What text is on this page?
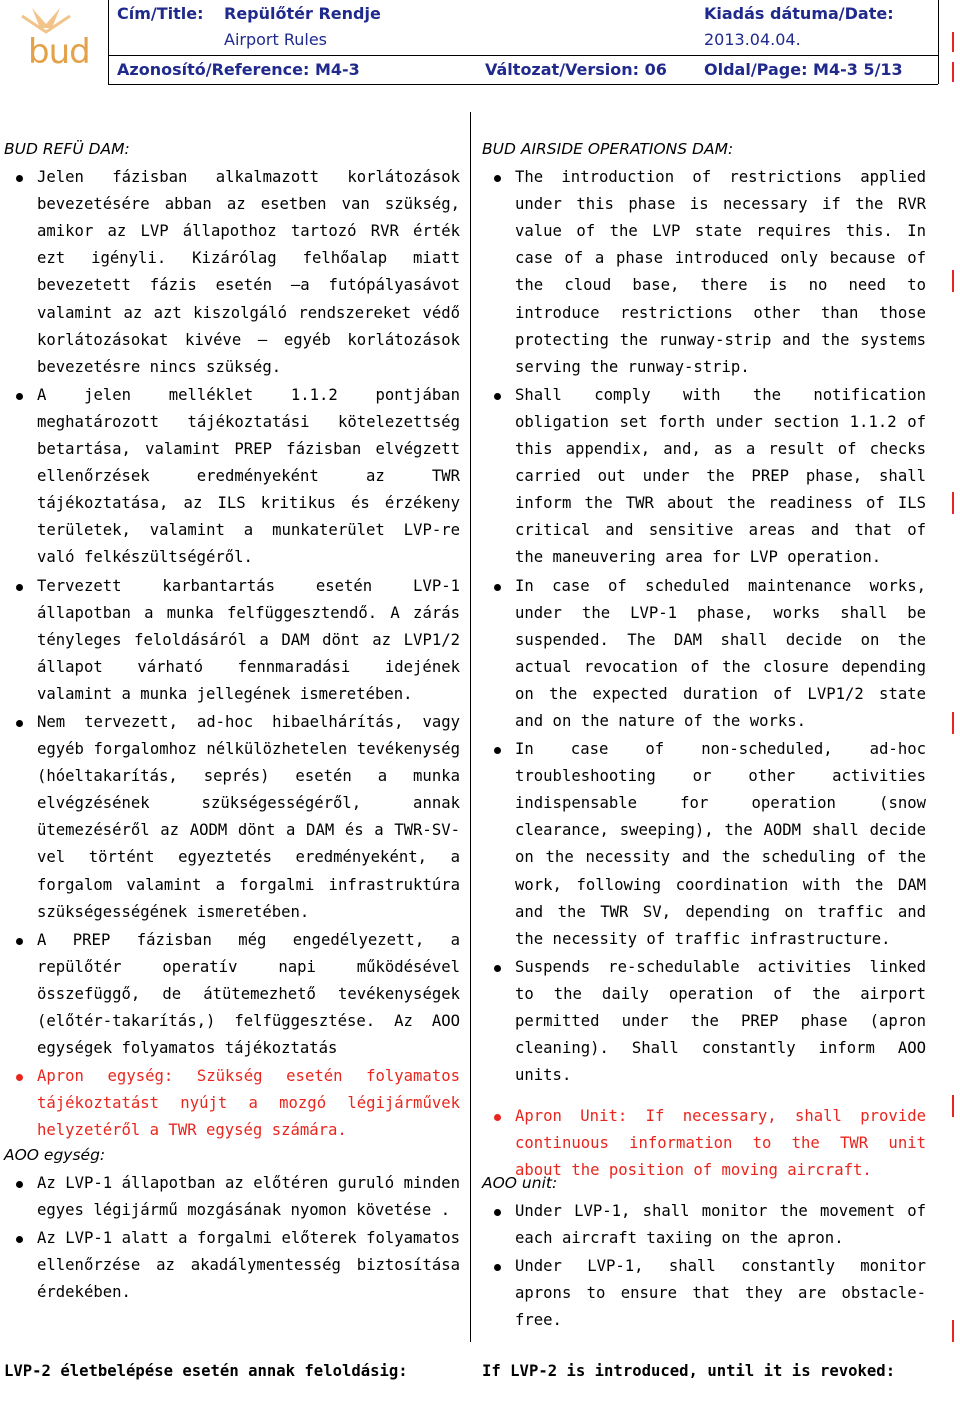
bud
Cím/Title: Repülőtér Rendje
Airport Rules
Kiadás dátuma/Date:
2013.04.04.
Azonosító/Reference: M4-3	Változat/Version: 06 Oldal/Page: M4-3 5/13

BUD REFÜ DAM:

Jelen fázisban alkalmazott korlátozások bevezetésére abban az esetben van szükség, amikor az LVP állapothoz tartozó RVR érték ezt igényli. Kizárólag felhőalap miatt bevezetett fázis esetén –a futópályasávot valamint az azt kiszolgáló rendszereket védő korlátozásokat kivéve – egyéb korlátozások bevezetésre nincs szükség.
A jelen melléklet 1.1.2 pontjában meghatározott tájékoztatási kötelezettség betartása, valamint PREP fázisban elvégzett ellenőrzések eredményeként az TWR tájékoztatása, az ILS kritikus és érzékeny területek, valamint a munkaterület LVP-re való felkészültségéről.
Tervezett karbantartás esetén LVP-1 állapotban a munka felfüggesztendő. A zárás tényleges feloldásáról a DAM dönt az LVP1/2 állapot várható fennmaradási idejének valamint a munka jellegének ismeretében.
Nem tervezett, ad-hoc hibaelhárítás, vagy egyéb forgalomhoz nélkülözhetelen tevékenység (hóeltakarítás, seprés) esetén a munka elvégzésének szükségességéről, annak ütemezéséről az AODM dönt a DAM és a TWR-SV-vel történt egyeztetés eredményeként, a forgalom valamint a forgalmi infrastruktúra szükségességének ismeretében.
A PREP fázisban még engedélyezett, a repülőtér operatív napi működésével összefüggő, de átütemezhető tevékenységek (előtér-takarítás,) felfüggesztése. Az AOO egységek folyamatos tájékoztatás
Apron egység: Szükség esetén folyamatos tájékoztatást nyújt a mozgó légijárművek helyzetéről a TWR egység számára.

AOO egység:

Az LVP-1 állapotban az előtéren guruló minden egyes légijármű mozgásának nyomon követése .
Az LVP-1 alatt a forgalmi előterek folyamatos ellenőrzése az akadálymentesség biztosítása érdekében.

BUD AIRSIDE OPERATIONS DAM:

The introduction of restrictions applied under this phase is necessary if the RVR value of the LVP state requires this. In case of a phase introduced only because of the cloud base, there is no need to introduce restrictions other than those protecting the runway-strip and the systems serving the runway-strip.
Shall comply with the notification obligation set forth under section 1.1.2 of this appendix, and, as a result of checks carried out under the PREP phase, shall inform the TWR about the readiness of ILS critical and sensitive areas and that of the maneuvering area for LVP operation.
In case of scheduled maintenance works, under the LVP-1 phase, works shall be suspended. The DAM shall decide on the actual revocation of the closure depending on the expected duration of LVP1/2 state and on the nature of the works.
In case of non-scheduled, ad-hoc troubleshooting or other activities indispensable for operation (snow clearance, sweeping), the AODM shall decide on the necessity and the scheduling of the work, following coordination with the DAM and the TWR SV, depending on traffic and the necessity of traffic infrastructure.
Suspends re-schedulable activities linked to the daily operation of the airport permitted under the PREP phase (apron cleaning). Shall constantly inform AOO units.
Apron Unit: If necessary, shall provide continuous information to the TWR unit about the position of moving aircraft.

AOO unit:

Under LVP-1, shall monitor the movement of each aircraft taxiing on the apron.
Under LVP-1, shall constantly monitor aprons to ensure that they are obstacle-free.
LVP-2 életbelépése esetén annak feloldásig:	If LVP-2 is introduced, until it is revoked:
